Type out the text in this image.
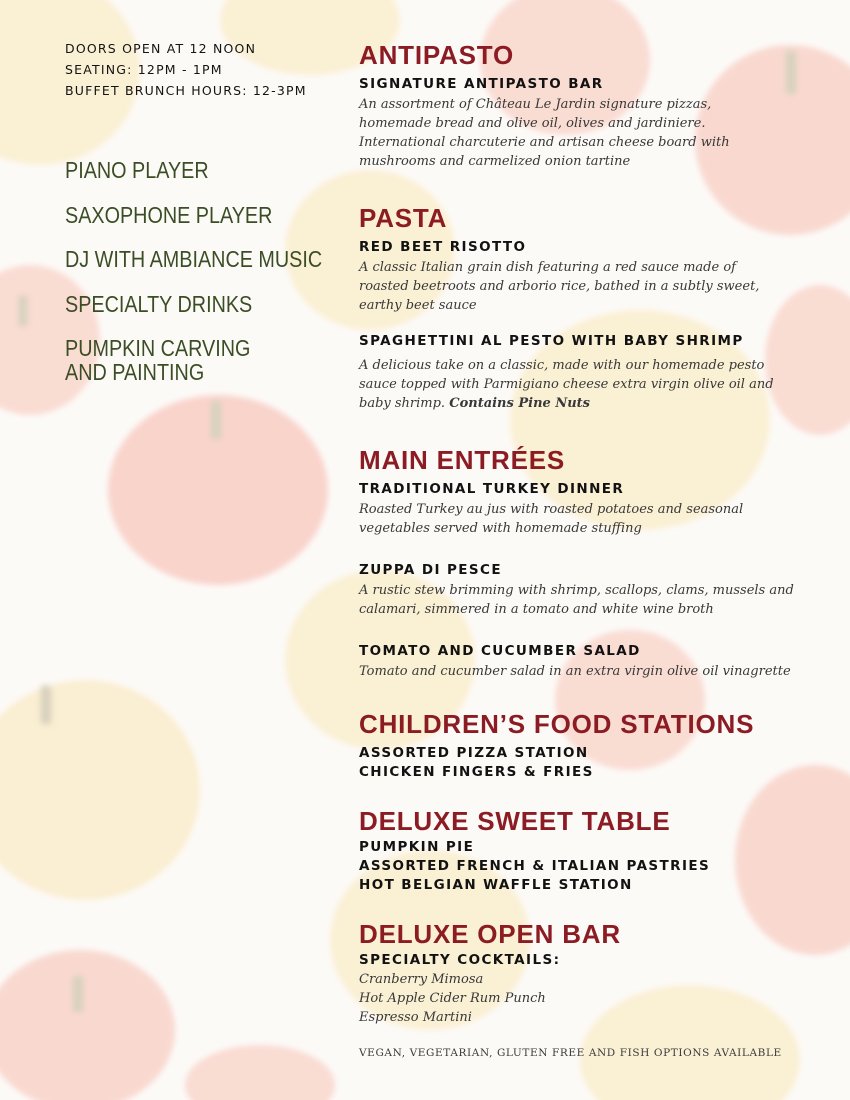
DOORS OPEN AT 12 NOON
SEATING: 12PM - 1PM
BUFFET BRUNCH HOURS: 12-3PM
PIANO PLAYER
SAXOPHONE PLAYER
DJ WITH AMBIANCE MUSIC
SPECIALTY DRINKS
PUMPKIN CARVING
AND PAINTING
ANTIPASTO
SIGNATURE ANTIPASTO BAR
An assortment of Château Le Jardin signature pizzas, homemade bread and olive oil, olives and jardiniere. International charcuterie and artisan cheese board with mushrooms and carmelized onion tartine
PASTA
RED BEET RISOTTO
A classic Italian grain dish featuring a red sauce made of roasted beetroots and arborio rice, bathed in a subtly sweet, earthy beet sauce
SPAGHETTINI AL PESTO WITH BABY SHRIMP
A delicious take on a classic, made with our homemade pesto sauce topped with Parmigiano cheese extra virgin olive oil and baby shrimp. Contains Pine Nuts
MAIN ENTRÉES
TRADITIONAL TURKEY DINNER
Roasted Turkey au jus with roasted potatoes and seasonal vegetables served with homemade stuffing
ZUPPA DI PESCE
A rustic stew brimming with shrimp, scallops, clams, mussels and calamari, simmered in a tomato and white wine broth
TOMATO AND CUCUMBER SALAD
Tomato and cucumber salad in an extra virgin olive oil vinagrette
CHILDREN’S FOOD STATIONS
ASSORTED PIZZA STATION
CHICKEN FINGERS & FRIES
DELUXE SWEET TABLE
PUMPKIN PIE
ASSORTED FRENCH & ITALIAN PASTRIES
HOT BELGIAN WAFFLE STATION
DELUXE OPEN BAR
SPECIALTY COCKTAILS:
Cranberry Mimosa
Hot Apple Cider Rum Punch
Espresso Martini
VEGAN, VEGETARIAN, GLUTEN FREE AND FISH OPTIONS AVAILABLE
